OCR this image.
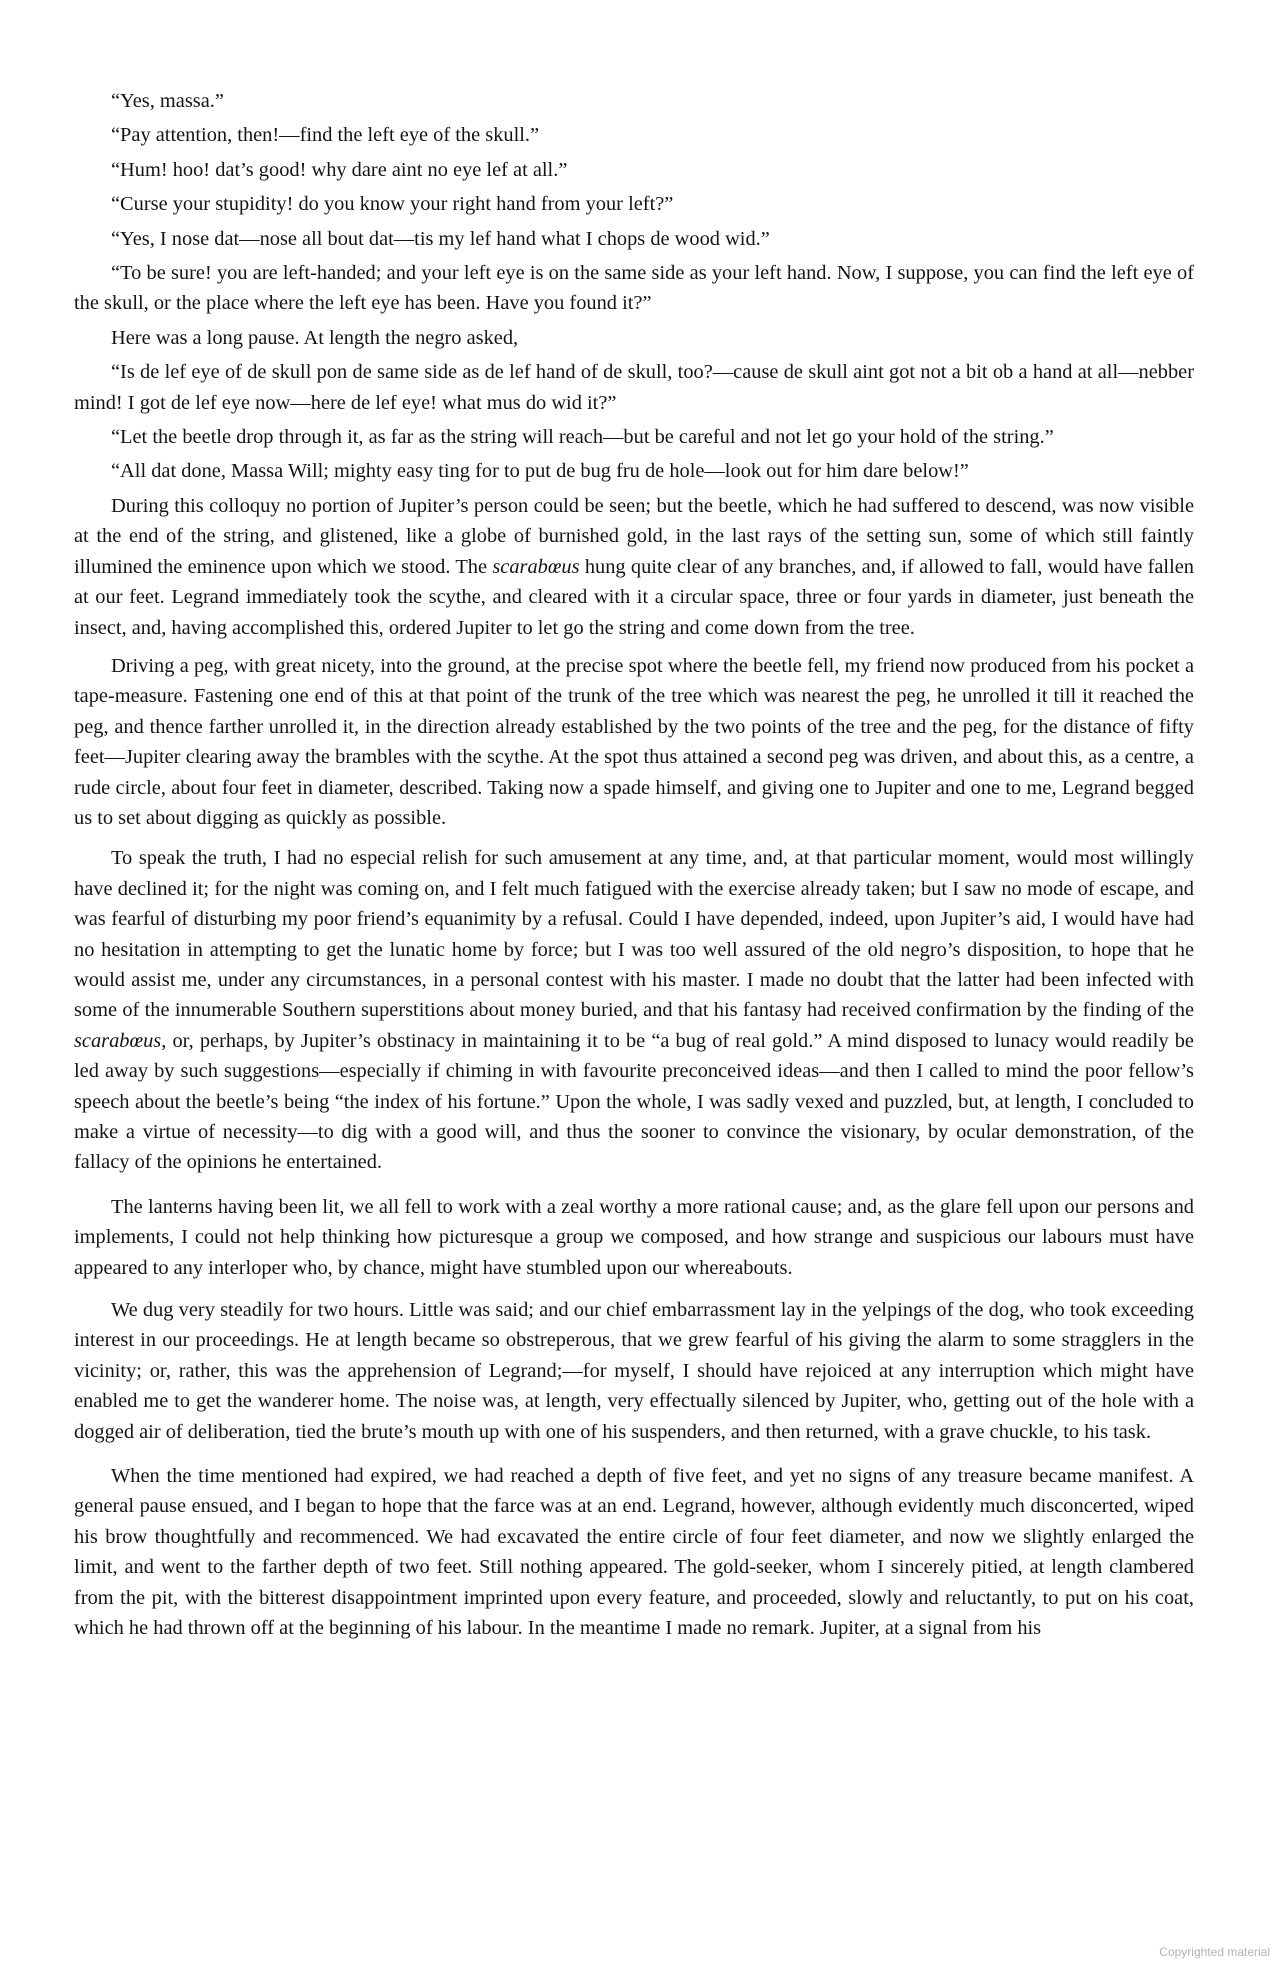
“Yes, massa.”

“Pay attention, then!—find the left eye of the skull.”

“Hum! hoo! dat’s good! why dare aint no eye lef at all.”

“Curse your stupidity! do you know your right hand from your left?”

“Yes, I nose dat—nose all bout dat—tis my lef hand what I chops de wood wid.”

“To be sure! you are left-handed; and your left eye is on the same side as your left hand. Now, I suppose, you can find the left eye of the skull, or the place where the left eye has been. Have you found it?”

Here was a long pause. At length the negro asked,

“Is de lef eye of de skull pon de same side as de lef hand of de skull, too?—cause de skull aint got not a bit ob a hand at all—nebber mind! I got de lef eye now—here de lef eye! what mus do wid it?”

“Let the beetle drop through it, as far as the string will reach—but be careful and not let go your hold of the string.”

“All dat done, Massa Will; mighty easy ting for to put de bug fru de hole—look out for him dare below!”

During this colloquy no portion of Jupiter’s person could be seen; but the beetle, which he had suffered to descend, was now visible at the end of the string, and glistened, like a globe of burnished gold, in the last rays of the setting sun, some of which still faintly illumined the eminence upon which we stood. The scarabœus hung quite clear of any branches, and, if allowed to fall, would have fallen at our feet. Legrand immediately took the scythe, and cleared with it a circular space, three or four yards in diameter, just beneath the insect, and, having accomplished this, ordered Jupiter to let go the string and come down from the tree.

Driving a peg, with great nicety, into the ground, at the precise spot where the beetle fell, my friend now produced from his pocket a tape-measure. Fastening one end of this at that point of the trunk of the tree which was nearest the peg, he unrolled it till it reached the peg, and thence farther unrolled it, in the direction already established by the two points of the tree and the peg, for the distance of fifty feet—Jupiter clearing away the brambles with the scythe. At the spot thus attained a second peg was driven, and about this, as a centre, a rude circle, about four feet in diameter, described. Taking now a spade himself, and giving one to Jupiter and one to me, Legrand begged us to set about digging as quickly as possible.

To speak the truth, I had no especial relish for such amusement at any time, and, at that particular moment, would most willingly have declined it; for the night was coming on, and I felt much fatigued with the exercise already taken; but I saw no mode of escape, and was fearful of disturbing my poor friend’s equanimity by a refusal. Could I have depended, indeed, upon Jupiter’s aid, I would have had no hesitation in attempting to get the lunatic home by force; but I was too well assured of the old negro’s disposition, to hope that he would assist me, under any circumstances, in a personal contest with his master. I made no doubt that the latter had been infected with some of the innumerable Southern superstitions about money buried, and that his fantasy had received confirmation by the finding of the scarabœus, or, perhaps, by Jupiter’s obstinacy in maintaining it to be “a bug of real gold.” A mind disposed to lunacy would readily be led away by such suggestions—especially if chiming in with favourite preconceived ideas—and then I called to mind the poor fellow’s speech about the beetle’s being “the index of his fortune.” Upon the whole, I was sadly vexed and puzzled, but, at length, I concluded to make a virtue of necessity—to dig with a good will, and thus the sooner to convince the visionary, by ocular demonstration, of the fallacy of the opinions he entertained.

The lanterns having been lit, we all fell to work with a zeal worthy a more rational cause; and, as the glare fell upon our persons and implements, I could not help thinking how picturesque a group we composed, and how strange and suspicious our labours must have appeared to any interloper who, by chance, might have stumbled upon our whereabouts.

We dug very steadily for two hours. Little was said; and our chief embarrassment lay in the yelpings of the dog, who took exceeding interest in our proceedings. He at length became so obstreperous, that we grew fearful of his giving the alarm to some stragglers in the vicinity; or, rather, this was the apprehension of Legrand;—for myself, I should have rejoiced at any interruption which might have enabled me to get the wanderer home. The noise was, at length, very effectually silenced by Jupiter, who, getting out of the hole with a dogged air of deliberation, tied the brute’s mouth up with one of his suspenders, and then returned, with a grave chuckle, to his task.

When the time mentioned had expired, we had reached a depth of five feet, and yet no signs of any treasure became manifest. A general pause ensued, and I began to hope that the farce was at an end. Legrand, however, although evidently much disconcerted, wiped his brow thoughtfully and recommenced. We had excavated the entire circle of four feet diameter, and now we slightly enlarged the limit, and went to the farther depth of two feet. Still nothing appeared. The gold-seeker, whom I sincerely pitied, at length clambered from the pit, with the bitterest disappointment imprinted upon every feature, and proceeded, slowly and reluctantly, to put on his coat, which he had thrown off at the beginning of his labour. In the meantime I made no remark. Jupiter, at a signal from his

Copyrighted material
